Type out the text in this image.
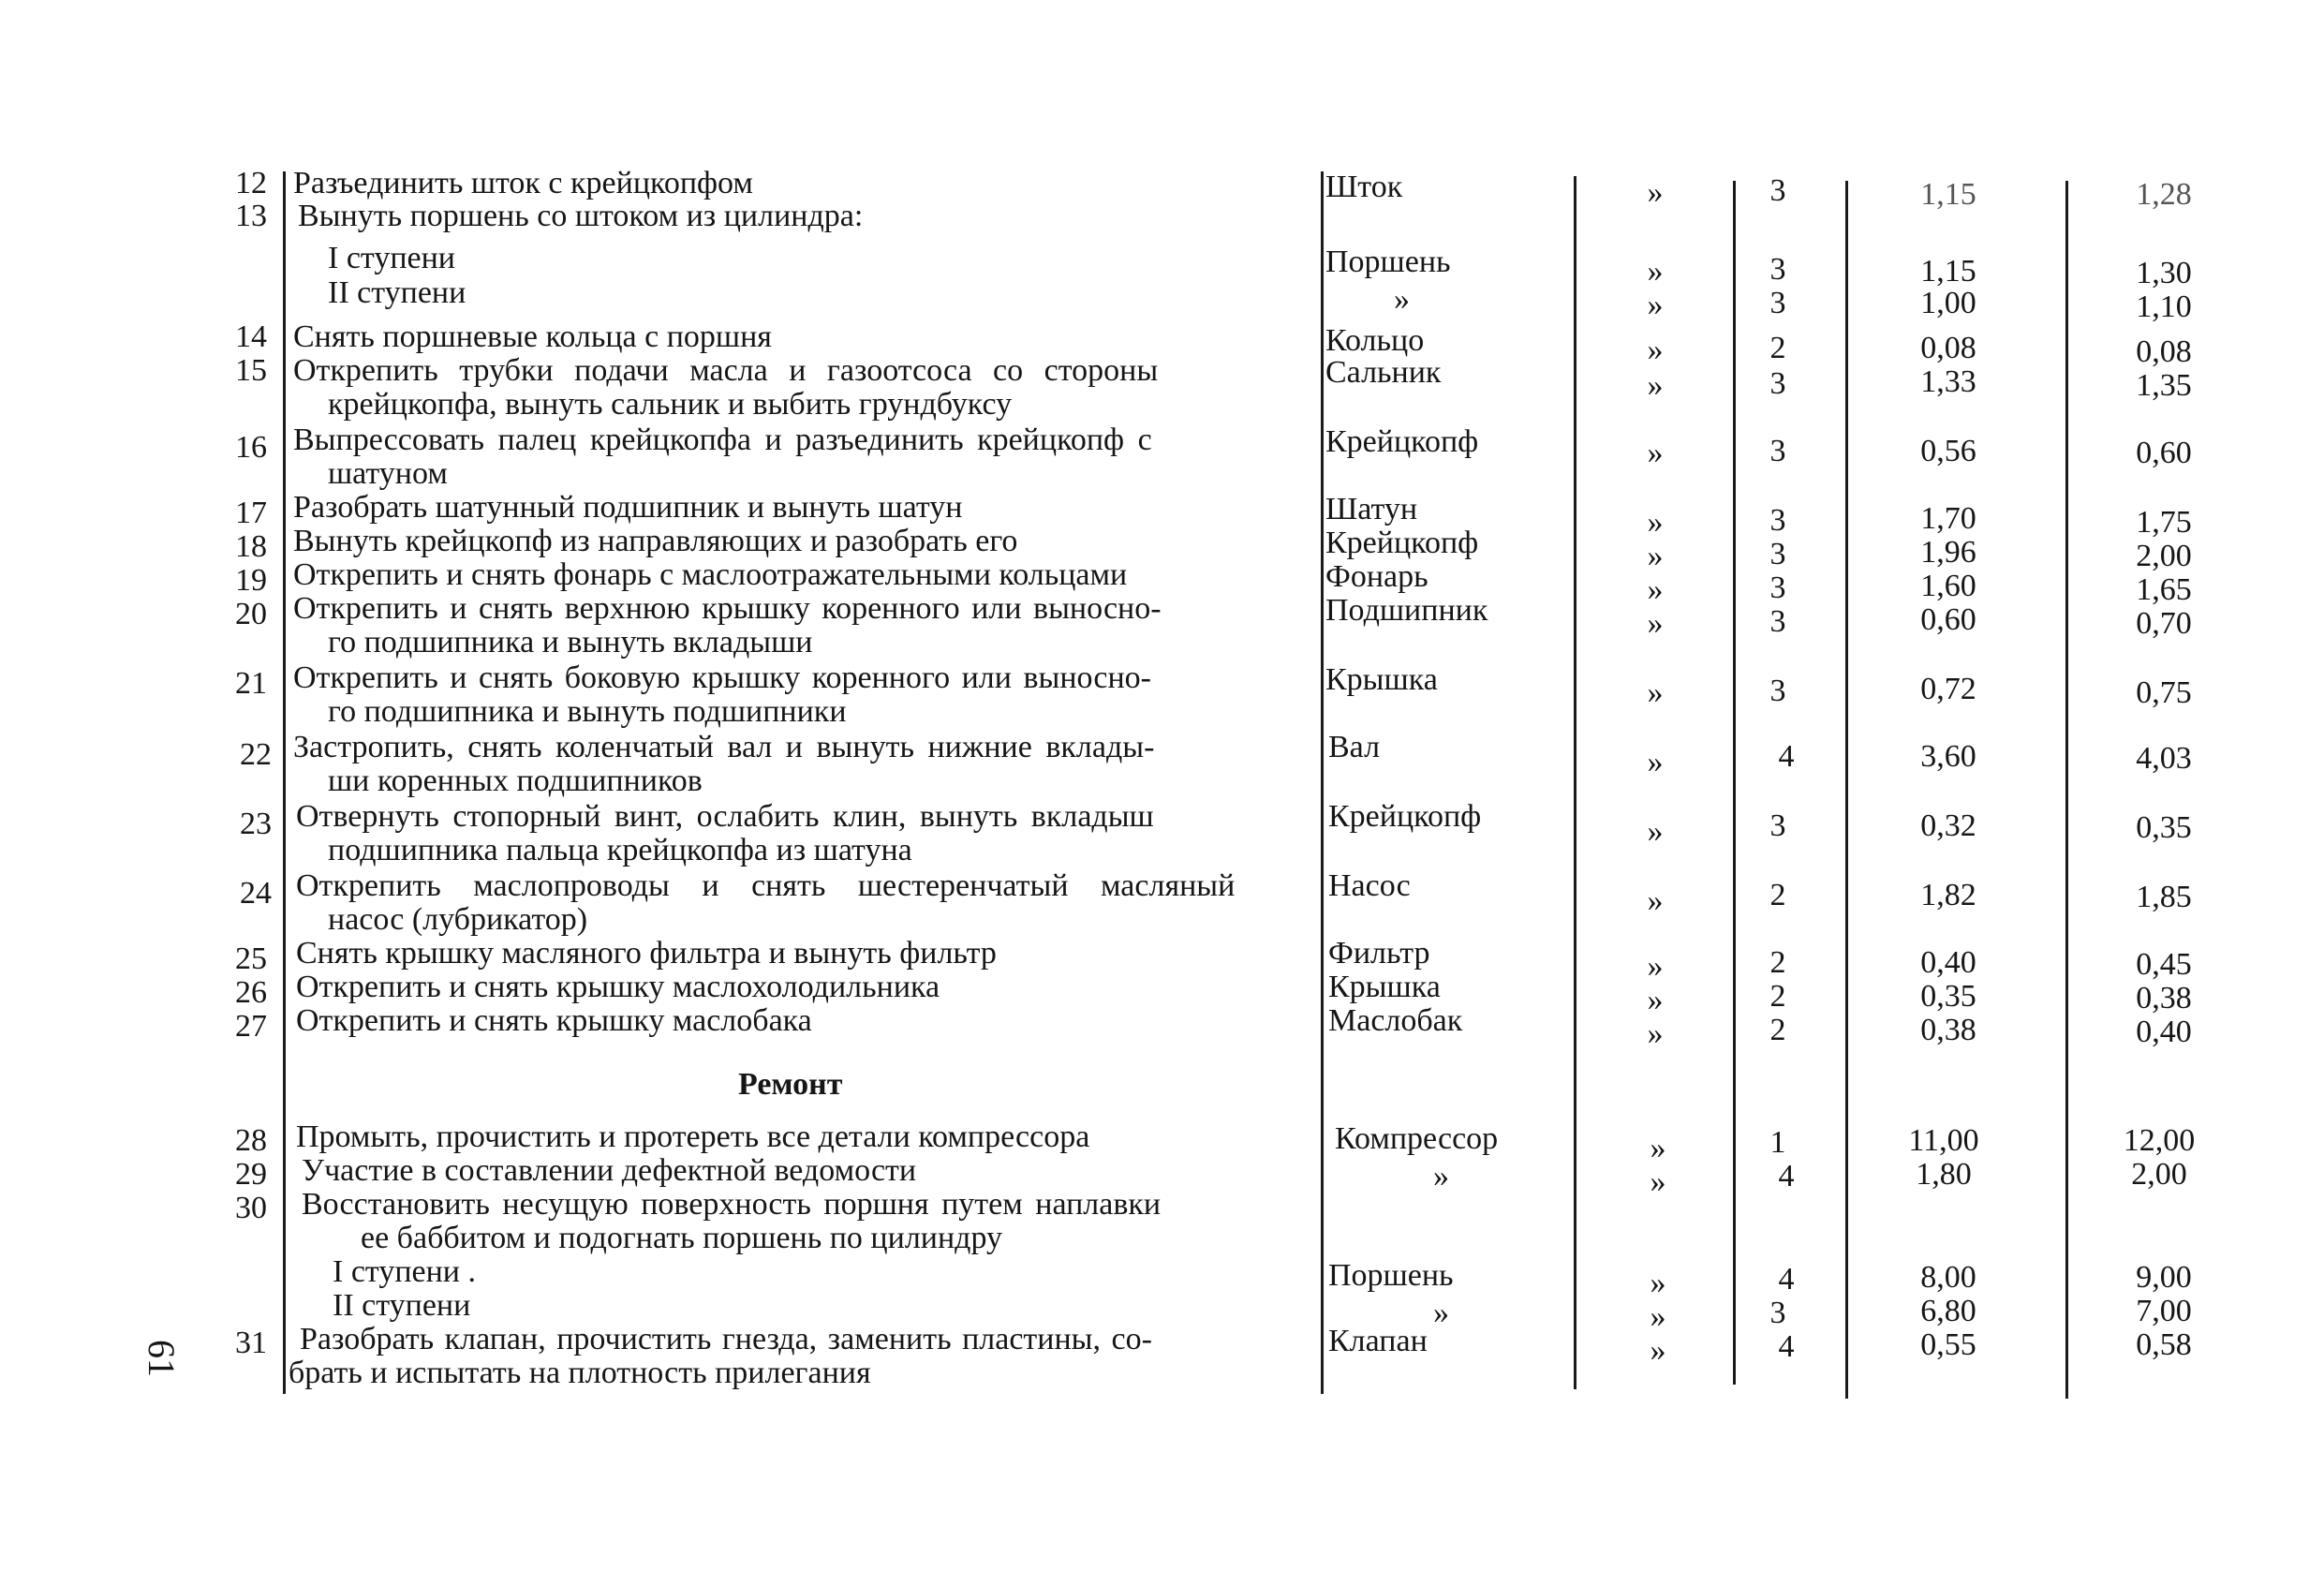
12 Разъединить шток с крейцкопфом	Шток	»	3	1,15	1,28
13 Вынуть поршень со штоком из цилиндра:
I ступени	Поршень	»	3	1,15	1,30
II ступени	»	»	3	1,00	1,10
14 Снять поршневые кольца с поршня	Кольцо	»	2	0,08	0,08
15 Открепить трубки подачи масла и газоотсоса со стороны
крейцкопфа, вынуть сальник и выбить грундбуксу
Сальник	»	3	1,33	1,35
16 Выпрессовать палец крейцкопфа и разъединить крейцкопф с
шатуном
Крейцкопф	»	3	0,56	0,60
17 Разобрать шатунный подшипник и вынуть шатун	Шатун	»	3	1,70	1,75
18 Вынуть крейцкопф из направляющих и разобрать его	Крейцкопф	»	3	1,96	2,00
19 Открепить и снять фонарь с маслоотражательными кольцами	Фонарь	»	3	1,60	1,65
20 Открепить и снять верхнюю крышку коренного или выносно-
го подшипника и вынуть вкладыши
Подшипник	»	3	0,60	0,70
21 Открепить и снять боковую крышку коренного или выносно-
го подшипника и вынуть подшипники
Крышка	»	3	0,72	0,75
22 Застропить, снять коленчатый вал и вынуть нижние вклады-
ши коренных подшипников
Вал	»	4	3,60	4,03
23 Отвернуть стопорный винт, ослабить клин, вынуть вкладыш
подшипника пальца крейцкопфа из шатуна
Крейцкопф	»	3	0,32	0,35
24 Открепить маслопроводы и снять шестеренчатый масляный
насос (лубрикатор)
Насос	»	2	1,82	1,85
25 Снять крышку масляного фильтра и вынуть фильтр	Фильтр	»	2	0,40	0,45
26 Открепить и снять крышку маслохолодильника	Крышка	»	2	0,35	0,38
27 Открепить и снять крышку маслобака	Маслобак	»	2	0,38	0,40
Ремонт
28 Промыть, прочистить и протереть все детали компрессора	Компрессор	»	1	11,00	12,00
29 Участие в составлении дефектной ведомости	»	»	4	1,80	2,00
30 Восстановить несущую поверхность поршня путем наплавки
ее баббитом и подогнать поршень по цилиндру
I ступени .	Поршень	»	4	8,00	9,00
II ступени	»	»	3	6,80	7,00
31 Разобрать клапан, прочистить гнезда, заменить пластины, со-
брать и испытать на плотность прилегания
Клапан	»	4	0,55	0,58
61
